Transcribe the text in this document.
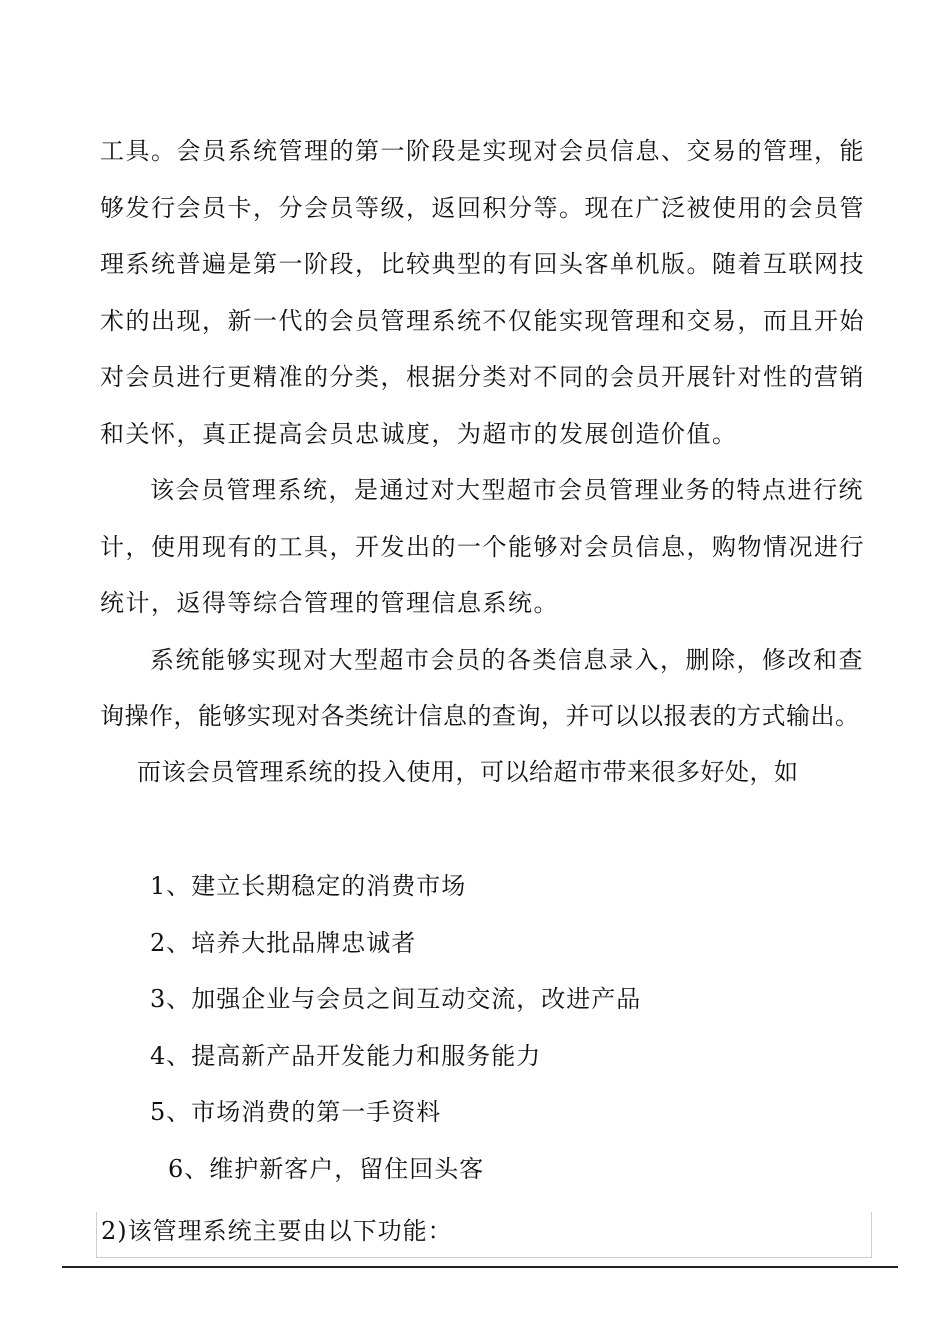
工具。会员系统管理的第一阶段是实现对会员信息、交易的管理，能
够发行会员卡，分会员等级，返回积分等。现在广泛被使用的会员管
理系统普遍是第一阶段，比较典型的有回头客单机版。随着互联网技
术的出现，新一代的会员管理系统不仅能实现管理和交易，而且开始
对会员进行更精准的分类，根据分类对不同的会员开展针对性的营销
和关怀，真正提高会员忠诚度，为超市的发展创造价值。
该会员管理系统，是通过对大型超市会员管理业务的特点进行统
计，使用现有的工具，开发出的一个能够对会员信息，购物情况进行
统计，返得等综合管理的管理信息系统。
系统能够实现对大型超市会员的各类信息录入，删除，修改和查
询操作，能够实现对各类统计信息的查询，并可以以报表的方式输出。
而该会员管理系统的投入使用，可以给超市带来很多好处，如
1、建立长期稳定的消费市场
2、培养大批品牌忠诚者
3、加强企业与会员之间互动交流，改进产品
4、提高新产品开发能力和服务能力
5、市场消费的第一手资料
6、维护新客户，留住回头客
2)该管理系统主要由以下功能：
